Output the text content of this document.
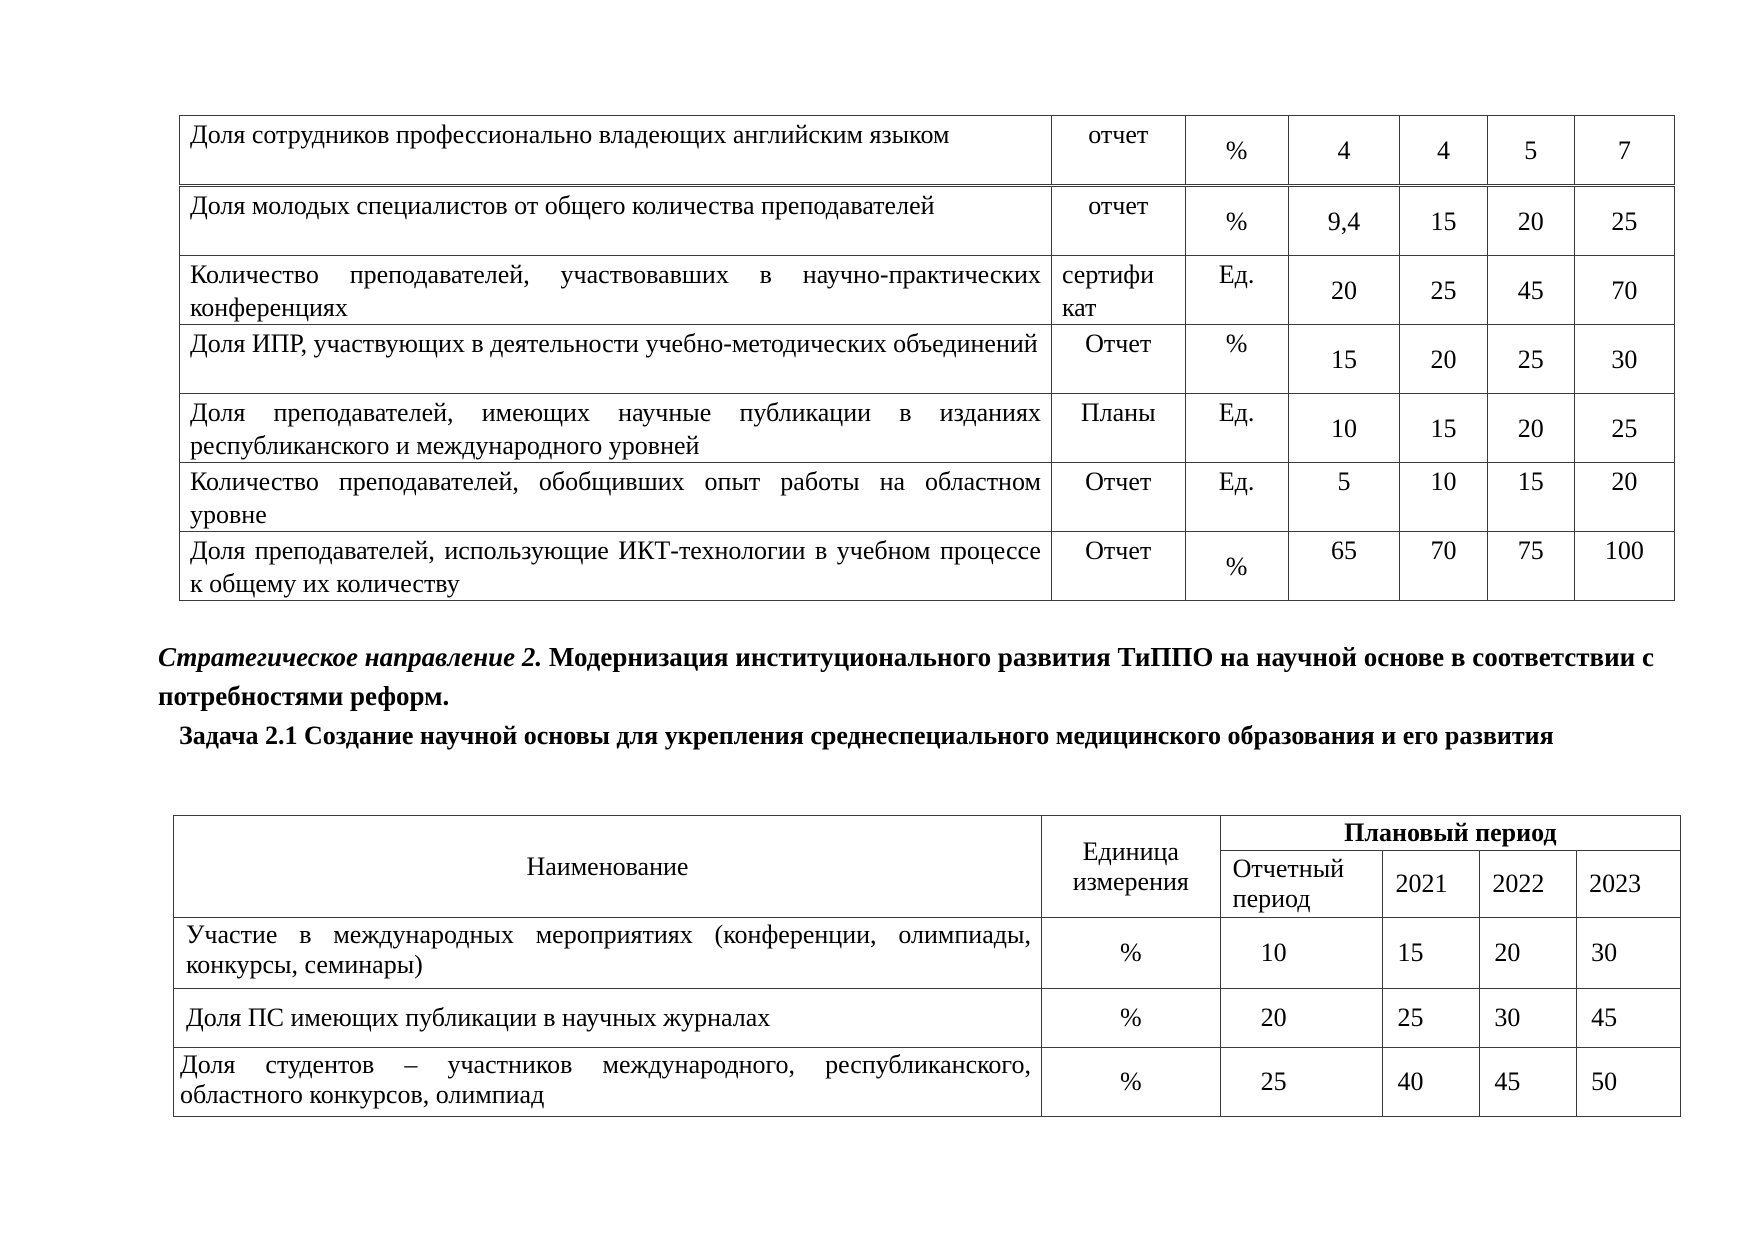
Доля сотрудников профессионально владеющих английским языком	отчет	%	4	4	5	7
Доля молодых специалистов от общего количества преподавателей	отчет	%	9,4	15	20	25
Количество преподавателей, участвовавших в научно-практических конференциях	сертифи кат	Ед.	20	25	45	70
Доля ИПР, участвующих в деятельности учебно-методических объединений	Отчет	%	15	20	25	30
Доля преподавателей, имеющих научные публикации в изданиях республиканского и международного уровней	Планы	Ед.	10	15	20	25
Количество преподавателей, обобщивших опыт работы на областном уровне	Отчет	Ед.	5	10	15	20
Доля преподавателей, использующие ИКТ-технологии в учебном процессе к общему их количеству	Отчет	%	65	70	75	100
Стратегическое направление 2. Модернизация институционального развития ТиППО на научной основе в соответствии с потребностями реформ.
Задача 2.1 Создание научной основы для укрепления среднеспециального медицинского образования и его развития
Наименование	Единица измерения	Плановый период			
		Отчетный период	2021	2022	2023
Участие в международных мероприятиях (конференции, олимпиады, конкурсы, семинары)	%	10	15	20	30
Доля ПС имеющих публикации в научных журналах	%	20	25	30	45
Доля студентов – участников международного, республиканского, областного конкурсов, олимпиад	%	25	40	45	50
